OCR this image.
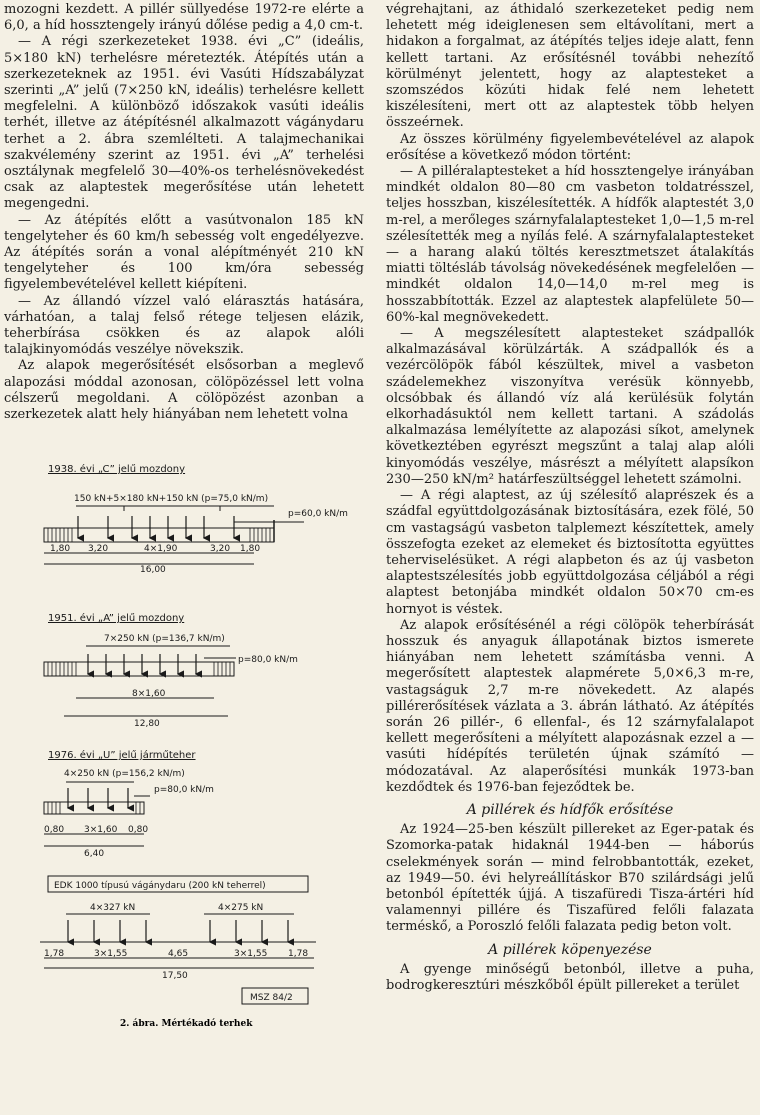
mozogni kezdett. A pillér süllyedése 1972-re elérte a 6,0, a híd hossztengely irányú dőlése pedig a 4,0 cm-t.

— A régi szerkezeteket 1938. évi „C” (ideális, 5×180 kN) terhelésre méretezték. Átépítés után a szerkezeteknek az 1951. évi Vasúti Hídszabályzat szerinti „A” jelű (7×250 kN, ideális) terhelésre kellett megfelelni. A különböző időszakok vasúti ideális terhét, illetve az átépítésnél alkalmazott vágánydaru terhet a 2. ábra szemlélteti. A talajmechanikai szakvélemény szerint az 1951. évi „A” terhelési osztálynak megfelelő 30—40%-os terhelésnövekedést csak az alaptestek megerősítése után lehetett megengedni.

— Az átépítés előtt a vasútvonalon 185 kN tengelyteher és 60 km/h sebesség volt engedélyezve. Az átépítés során a vonal alépítményét 210 kN tengelyteher és 100 km/óra sebesség figyelembevételével kellett kiépíteni.

— Az állandó vízzel való elárasztás hatására, várhatóan, a talaj felső rétege teljesen elázik, teherbírása csökken és az alapok alóli talajkinyomódás veszélye növekszik.

Az alapok megerősítését elsősorban a meglevő alapozási móddal azonosan, cölöpözéssel lett volna célszerű megoldani. A cölöpözést azonban a szerkezetek alatt hely hiányában nem lehetett volna

1938. évi „C” jelű mozdony
150 kN+5×180 kN+150 kN (p=75,0 kN/m)
p=60,0 kN/m
1,80 3,20	4×1,90	3,20 1,80
16,00
1951. évi „A” jelű mozdony
7×250 kN (p=136,7 kN/m)
p=80,0 kN/m
8×1,60
12,80
1976. évi „U” jelű járműteher
4×250 kN (p=156,2 kN/m)
p=80,0 kN/m
0,80 3×1,60 0,80
6,40
EDK 1000 típusú vágánydaru (200 kN teherrel)
4×327 kN	4×275 kN
1,78	3×1,55	4,65	3×1,55 1,78
17,50
MSZ 84/2
2. ábra. Mértékadó terhek

végrehajtani, az áthidaló szerkezeteket pedig nem lehetett még ideiglenesen sem eltávolítani, mert a hidakon a forgalmat, az átépítés teljes ideje alatt, fenn kellett tartani. Az erősítésnél további nehezítő körülményt jelentett, hogy az alaptesteket a szomszédos közúti hidak felé nem lehetett kiszélesíteni, mert ott az alaptestek több helyen összeérnek.

Az összes körülmény figyelembevételével az alapok erősítése a következő módon történt:

— A pilléralaptesteket a híd hossztengelye irányában mindkét oldalon 80—80 cm vasbeton toldatrésszel, teljes hosszban, kiszélesítették. A hídfők alaptestét 3,0 m-rel, a merőleges szárnyfalalaptesteket 1,0—1,5 m-rel szélesítették meg a nyílás felé. A szárnyfalalaptesteket — a harang alakú töltés keresztmetszet átalakítás miatti töltésláb távolság növekedésének megfelelően — mindkét oldalon 14,0—14,0 m-rel meg is hosszabbították. Ezzel az alaptestek alapfelülete 50—60%-kal megnövekedett.

— A megszélesített alaptesteket szádpallók alkalmazásával körülzárták. A szádpallók és a vezércölöpök fából készültek, mivel a vasbeton szádelemekhez viszonyítva verésük könnyebb, olcsóbbak és állandó víz alá kerülésük folytán elkorhadásuktól nem kellett tartani. A szádolás alkalmazása lemélyítette az alapozási síkot, amelynek következtében egyrészt megszűnt a talaj alap alóli kinyomódás veszélye, másrészt a mélyített alapsíkon 230—250 kN/m² határfeszültséggel lehetett számolni.

— A régi alaptest, az új szélesítő alaprészek és a szádfal együttdolgozásának biztosítására, ezek fölé, 50 cm vastagságú vasbeton talplemezt készítettek, amely összefogta ezeket az elemeket és biztosította együttes teherviselésüket. A régi alapbeton és az új vasbeton alaptestszélesítés jobb együttdolgozása céljából a régi alaptest betonjába mindkét oldalon 50×70 cm-es hornyot is véstek.

Az alapok erősítésénél a régi cölöpök teherbírását hosszuk és anyaguk állapotának biztos ismerete hiányában nem lehetett számításba venni. A megerősített alaptestek alapmérete 5,0×6,3 m-re, vastagságuk 2,7 m-re növekedett. Az alapés pillérerősítések vázlata a 3. ábrán látható. Az átépítés során 26 pillér-, 6 ellenfal-, és 12 szárnyfalalapot kellett megerősíteni a mélyített alapozásnak ezzel a — vasúti hídépítés területén újnak számító — módozatával. Az alaperősítési munkák 1973-ban kezdődtek és 1976-ban fejeződtek be.

A pillérek és hídfők erősítése

Az 1924—25-ben készült pillereket az Eger-patak és Szomorka-patak hidaknál 1944-ben — háborús cselekmények során — mind felrobbantották, ezeket, az 1949—50. évi helyreállításkor B70 szilárdsági jelű betonból építették újjá. A tiszafüredi Tisza-ártéri híd valamennyi pillére és Tiszafüred felőli falazata terméskő, a Poroszló felőli falazata pedig beton volt.

A pillérek köpenyezése

A gyenge minőségű betonból, illetve a puha, bodrogkeresztúri mészkőből épült pillereket a terület
